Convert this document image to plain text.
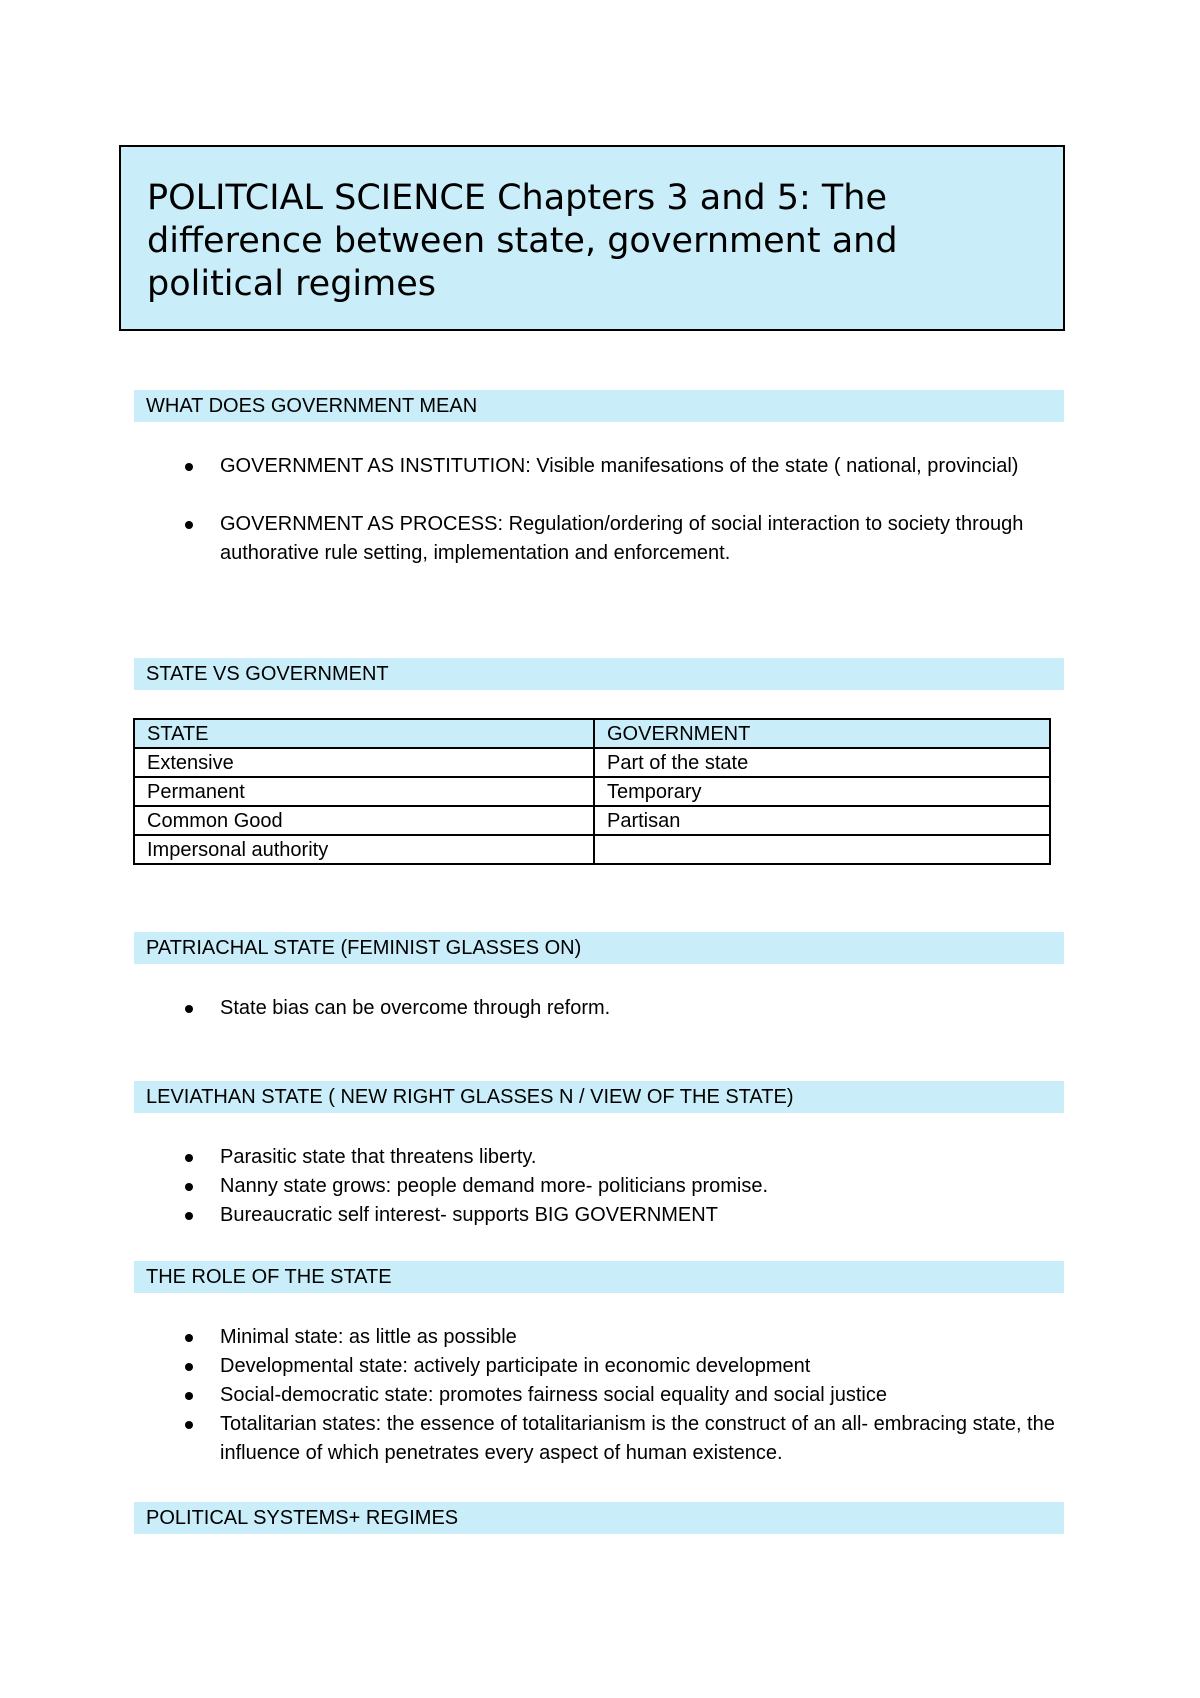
POLITCIAL SCIENCE Chapters 3 and 5: The difference between state, government and political regimes
WHAT DOES GOVERNMENT MEAN
GOVERNMENT AS INSTITUTION: Visible manifesations of the state ( national, provincial)
GOVERNMENT AS PROCESS: Regulation/ordering of social interaction to society through authorative rule setting, implementation and enforcement.
STATE VS GOVERNMENT
STATE	GOVERNMENT
Extensive	Part of the state
Permanent	Temporary
Common Good	Partisan
Impersonal authority	
PATRIACHAL STATE (FEMINIST GLASSES ON)
State bias can be overcome through reform.
LEVIATHAN STATE ( NEW RIGHT GLASSES N / VIEW OF THE STATE)
Parasitic state that threatens liberty.
Nanny state grows: people demand more- politicians promise.
Bureaucratic self interest- supports BIG GOVERNMENT
THE ROLE OF THE STATE
Minimal state: as little as possible
Developmental state: actively participate in economic development
Social-democratic state: promotes fairness social equality and social justice
Totalitarian states: the essence of totalitarianism is the construct of an all- embracing state, the influence of which penetrates every aspect of human existence.
POLITICAL SYSTEMS+ REGIMES
